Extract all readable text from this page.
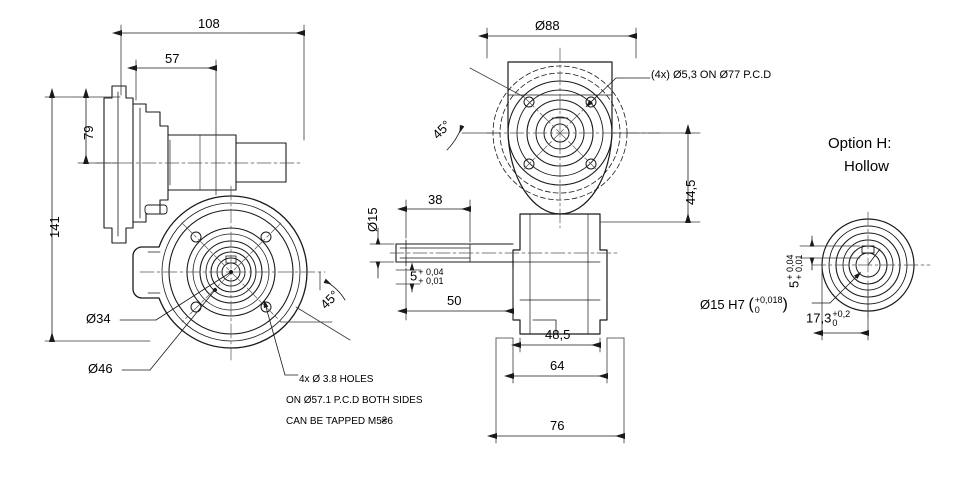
108
57
79
141
Ø34
Ø46
45°
4x Ø 3.8 HOLES
ON Ø57.1 P.C.D BOTH SIDES
CAN BE TAPPED M5₴6
Ø88
(4x) Ø5,3 ON Ø77 P.C.D
45°
44,5
Ø15
38
5 + 0,04
+ 0,01
50
48,5
64
76
Option H:
Hollow
5
+ 0,04 + 0,01
Ø15 H7 ( +0,018
0	)
17,3 +0,2
0
